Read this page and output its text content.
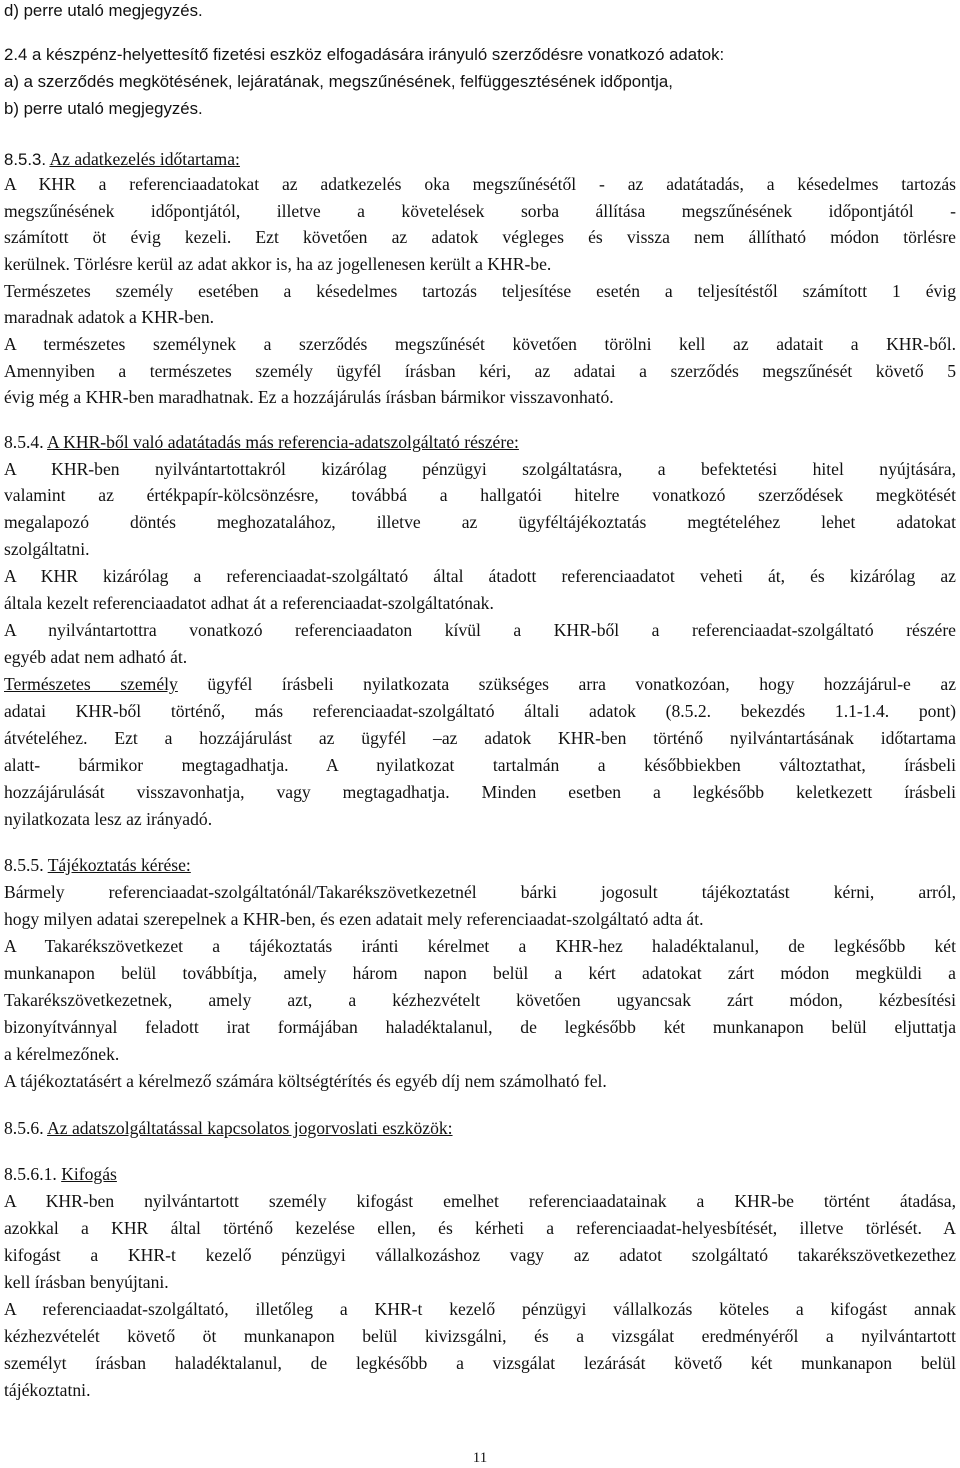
d) perre utaló megjegyzés.
2.4 a készpénz-helyettesítő fizetési eszköz elfogadására irányuló szerződésre vonatkozó adatok:
a) a szerződés megkötésének, lejáratának, megszűnésének, felfüggesztésének időpontja,
b) perre utaló megjegyzés.
8.5.3. Az adatkezelés időtartama:
A KHR a referenciaadatokat az adatkezelés oka megszűnésétől - az adatátadás, a késedelmes tartozás
megszűnésének időpontjától, illetve a követelések sorba állítása megszűnésének időpontjától -
számított öt évig kezeli. Ezt követően az adatok végleges és vissza nem állítható módon törlésre
kerülnek. Törlésre kerül az adat akkor is, ha az jogellenesen került a KHR-be.
Természetes személy esetében a késedelmes tartozás teljesítése esetén a teljesítéstől számított 1 évig
maradnak adatok a KHR-ben.
A természetes személynek a szerződés megszűnését követően törölni kell az adatait a KHR-ből.
Amennyiben a természetes személy ügyfél írásban kéri, az adatai a szerződés megszűnését követő 5
évig még a KHR-ben maradhatnak. Ez a hozzájárulás írásban bármikor visszavonható.
8.5.4. A KHR-ből való adatátadás más referencia-adatszolgáltató részére:
A KHR-ben nyilvántartottakról kizárólag pénzügyi szolgáltatásra, a befektetési hitel nyújtására,
valamint az értékpapír-kölcsönzésre, továbbá a hallgatói hitelre vonatkozó szerződések megkötését
megalapozó döntés meghozatalához, illetve az ügyféltájékoztatás megtételéhez lehet adatokat
szolgáltatni.
A KHR kizárólag a referenciaadat-szolgáltató által átadott referenciaadatot veheti át, és kizárólag az
általa kezelt referenciaadatot adhat át a referenciaadat-szolgáltatónak.
A nyilvántartottra vonatkozó referenciaadaton kívül a KHR-ből a referenciaadat-szolgáltató részére
egyéb adat nem adható át.
Természetes személy ügyfél írásbeli nyilatkozata szükséges arra vonatkozóan, hogy hozzájárul-e az
adatai KHR-ből történő, más referenciaadat-szolgáltató általi adatok (8.5.2. bekezdés 1.1-1.4. pont)
átvételéhez. Ezt a hozzájárulást az ügyfél –az adatok KHR-ben történő nyilvántartásának időtartama
alatt- bármikor megtagadhatja. A nyilatkozat tartalmán a későbbiekben változtathat, írásbeli
hozzájárulását visszavonhatja, vagy megtagadhatja. Minden esetben a legkésőbb keletkezett írásbeli
nyilatkozata lesz az irányadó.
8.5.5. Tájékoztatás kérése:
Bármely referenciaadat-szolgáltatónál/Takarékszövetkezetnél bárki jogosult tájékoztatást kérni, arról,
hogy milyen adatai szerepelnek a KHR-ben, és ezen adatait mely referenciaadat-szolgáltató adta át.
A Takarékszövetkezet a tájékoztatás iránti kérelmet a KHR-hez haladéktalanul, de legkésőbb két
munkanapon belül továbbítja, amely három napon belül a kért adatokat zárt módon megküldi a
Takarékszövetkezetnek, amely azt, a kézhezvételt követően ugyancsak zárt módon, kézbesítési
bizonyítvánnyal feladott irat formájában haladéktalanul, de legkésőbb két munkanapon belül eljuttatja
a kérelmezőnek.
A tájékoztatásért a kérelmező számára költségtérítés és egyéb díj nem számolható fel.
8.5.6. Az adatszolgáltatással kapcsolatos jogorvoslati eszközök:
8.5.6.1. Kifogás
A KHR-ben nyilvántartott személy kifogást emelhet referenciaadatainak a KHR-be történt átadása,
azokkal a KHR által történő kezelése ellen, és kérheti a referenciaadat-helyesbítését, illetve törlését. A
kifogást a KHR-t kezelő pénzügyi vállalkozáshoz vagy az adatot szolgáltató takarékszövetkezethez
kell írásban benyújtani.
A referenciaadat-szolgáltató, illetőleg a KHR-t kezelő pénzügyi vállalkozás köteles a kifogást annak
kézhezvételét követő öt munkanapon belül kivizsgálni, és a vizsgálat eredményéről a nyilvántartott
személyt írásban haladéktalanul, de legkésőbb a vizsgálat lezárását követő két munkanapon belül
tájékoztatni.
11
